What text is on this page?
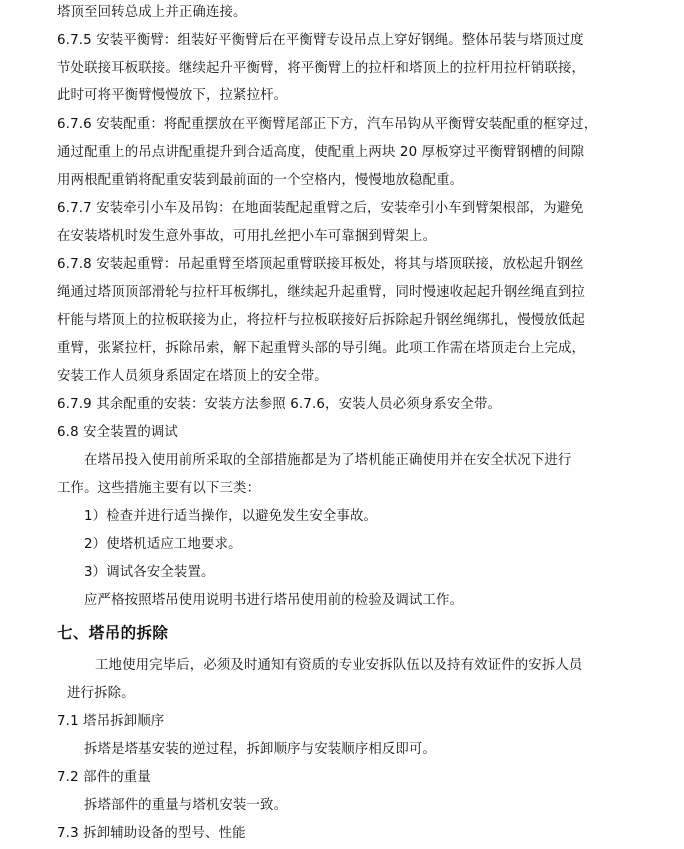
塔顶至回转总成上并正确连接。
6.7.5 安装平衡臂：组装好平衡臂后在平衡臂专设吊点上穿好钢绳。整体吊装与塔顶过度
节处联接耳板联接。继续起升平衡臂，将平衡臂上的拉杆和塔顶上的拉杆用拉杆销联接，
此时可将平衡臂慢慢放下，拉紧拉杆。
6.7.6 安装配重：将配重摆放在平衡臂尾部正下方，汽车吊钩从平衡臂安装配重的框穿过，
通过配重上的吊点讲配重提升到合适高度，使配重上两块 20 厚板穿过平衡臂钢槽的间隙
用两根配重销将配重安装到最前面的一个空格内，慢慢地放稳配重。
6.7.7 安装牵引小车及吊钩：在地面装配起重臂之后，安装牵引小车到臂架根部，为避免
在安装塔机时发生意外事故，可用扎丝把小车可靠捆到臂架上。
6.7.8 安装起重臂：吊起重臂至塔顶起重臂联接耳板处，将其与塔顶联接，放松起升钢丝
绳通过塔顶顶部滑轮与拉杆耳板绑扎，继续起升起重臂，同时慢速收起起升钢丝绳直到拉
杆能与塔顶上的拉板联接为止，将拉杆与拉板联接好后拆除起升钢丝绳绑扎，慢慢放低起
重臂，张紧拉杆，拆除吊索，解下起重臂头部的导引绳。此项工作需在塔顶走台上完成，
安装工作人员须身系固定在塔顶上的安全带。
6.7.9 其余配重的安装：安装方法参照 6.7.6，安装人员必须身系安全带。
6.8 安全装置的调试
在塔吊投入使用前所采取的全部措施都是为了塔机能正确使用并在安全状况下进行
工作。这些措施主要有以下三类：
1）检查并进行适当操作，以避免发生安全事故。
2）使塔机适应工地要求。
3）调试各安全装置。
应严格按照塔吊使用说明书进行塔吊使用前的检验及调试工作。
七、塔吊的拆除
工地使用完毕后，必须及时通知有资质的专业安拆队伍以及持有效证件的安拆人员
进行拆除。
7.1 塔吊拆卸顺序
拆塔是塔基安装的逆过程，拆卸顺序与安装顺序相反即可。
7.2 部件的重量
拆塔部件的重量与塔机安装一致。
7.3 拆卸辅助设备的型号、性能
